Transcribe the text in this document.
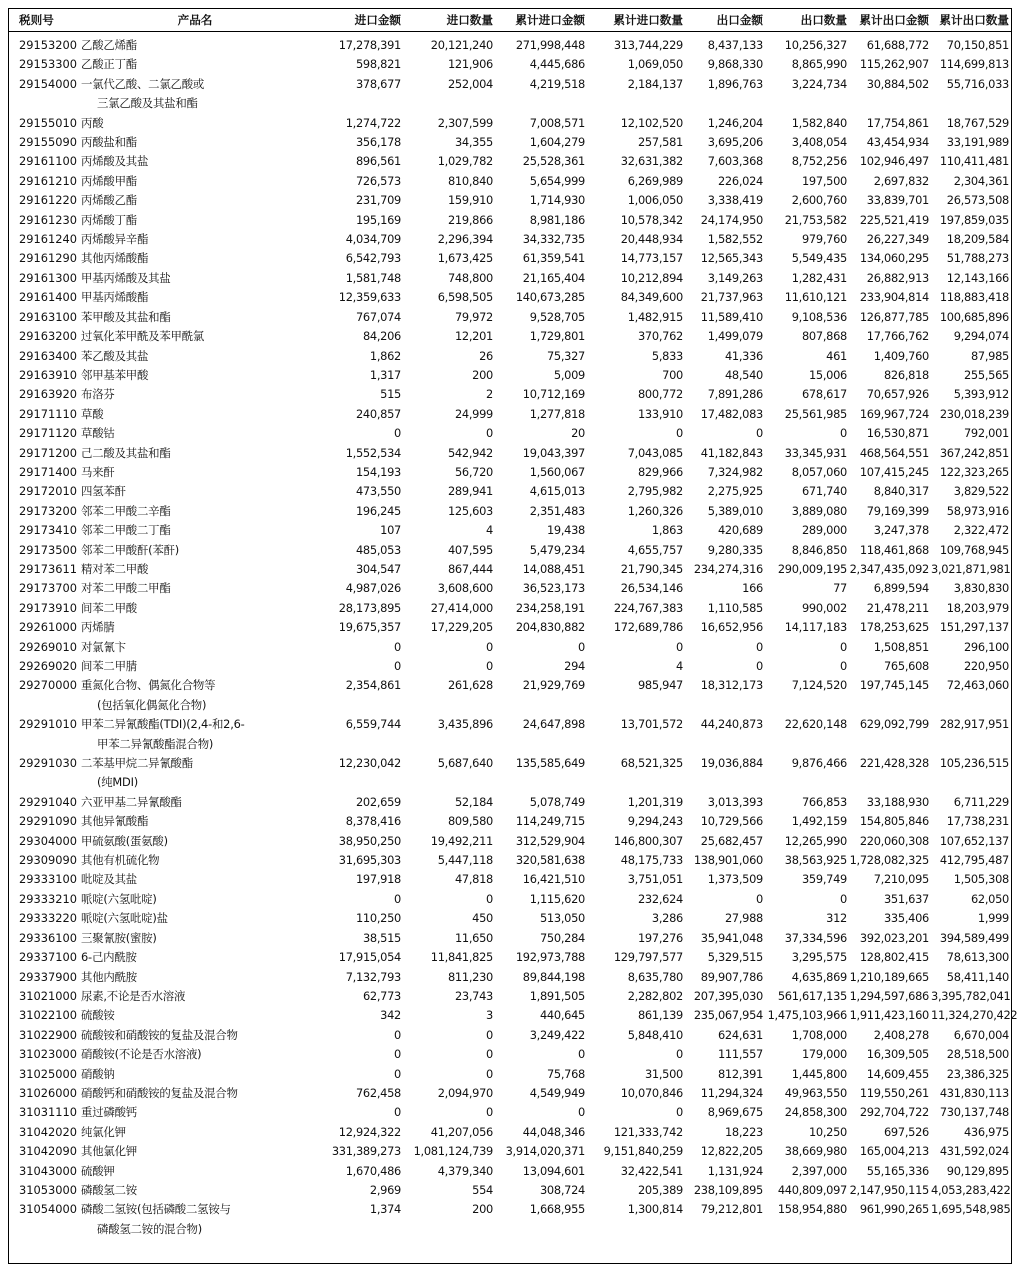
税则号	产品名	进口金额	进口数量	累计进口金额	累计进口数量	出口金额	出口数量	累计出口金额	累计出口数量
29153200	乙酸乙烯酯	17,278,391	20,121,240	271,998,448	313,744,229	8,437,133	10,256,327	61,688,772	70,150,851
29153300	乙酸正丁酯	598,821	121,906	4,445,686	1,069,050	9,868,330	8,865,990	115,262,907	114,699,813
29154000	一氯代乙酸、二氯乙酸或
三氯乙酸及其盐和酯	378,677	252,004	4,219,518	2,184,137	1,896,763	3,224,734	30,884,502	55,716,033
29155010	丙酸	1,274,722	2,307,599	7,008,571	12,102,520	1,246,204	1,582,840	17,754,861	18,767,529
29155090	丙酸盐和酯	356,178	34,355	1,604,279	257,581	3,695,206	3,408,054	43,454,934	33,191,989
29161100	丙烯酸及其盐	896,561	1,029,782	25,528,361	32,631,382	7,603,368	8,752,256	102,946,497	110,411,481
29161210	丙烯酸甲酯	726,573	810,840	5,654,999	6,269,989	226,024	197,500	2,697,832	2,304,361
29161220	丙烯酸乙酯	231,709	159,910	1,714,930	1,006,050	3,338,419	2,600,760	33,839,701	26,573,508
29161230	丙烯酸丁酯	195,169	219,866	8,981,186	10,578,342	24,174,950	21,753,582	225,521,419	197,859,035
29161240	丙烯酸异辛酯	4,034,709	2,296,394	34,332,735	20,448,934	1,582,552	979,760	26,227,349	18,209,584
29161290	其他丙烯酸酯	6,542,793	1,673,425	61,359,541	14,773,157	12,565,343	5,549,435	134,060,295	51,788,273
29161300	甲基丙烯酸及其盐	1,581,748	748,800	21,165,404	10,212,894	3,149,263	1,282,431	26,882,913	12,143,166
29161400	甲基丙烯酸酯	12,359,633	6,598,505	140,673,285	84,349,600	21,737,963	11,610,121	233,904,814	118,883,418
29163100	苯甲酸及其盐和酯	767,074	79,972	9,528,705	1,482,915	11,589,410	9,108,536	126,877,785	100,685,896
29163200	过氧化苯甲酰及苯甲酰氯	84,206	12,201	1,729,801	370,762	1,499,079	807,868	17,766,762	9,294,074
29163400	苯乙酸及其盐	1,862	26	75,327	5,833	41,336	461	1,409,760	87,985
29163910	邻甲基苯甲酸	1,317	200	5,009	700	48,540	15,006	826,818	255,565
29163920	布洛芬	515	2	10,712,169	800,772	7,891,286	678,617	70,657,926	5,393,912
29171110	草酸	240,857	24,999	1,277,818	133,910	17,482,083	25,561,985	169,967,724	230,018,239
29171120	草酸钴	0	0	20	0	0	0	16,530,871	792,001
29171200	己二酸及其盐和酯	1,552,534	542,942	19,043,397	7,043,085	41,182,843	33,345,931	468,564,551	367,242,851
29171400	马来酐	154,193	56,720	1,560,067	829,966	7,324,982	8,057,060	107,415,245	122,323,265
29172010	四氢苯酐	473,550	289,941	4,615,013	2,795,982	2,275,925	671,740	8,840,317	3,829,522
29173200	邻苯二甲酸二辛酯	196,245	125,603	2,351,483	1,260,326	5,389,010	3,889,080	79,169,399	58,973,916
29173410	邻苯二甲酸二丁酯	107	4	19,438	1,863	420,689	289,000	3,247,378	2,322,472
29173500	邻苯二甲酸酐(苯酐)	485,053	407,595	5,479,234	4,655,757	9,280,335	8,846,850	118,461,868	109,768,945
29173611	精对苯二甲酸	304,547	867,444	14,088,451	21,790,345	234,274,316	290,009,195	2,347,435,092	3,021,871,981
29173700	对苯二甲酸二甲酯	4,987,026	3,608,600	36,523,173	26,534,146	166	77	6,899,594	3,830,830
29173910	间苯二甲酸	28,173,895	27,414,000	234,258,191	224,767,383	1,110,585	990,002	21,478,211	18,203,979
29261000	丙烯腈	19,675,357	17,229,205	204,830,882	172,689,786	16,652,956	14,117,183	178,253,625	151,297,137
29269010	对氯氰卞	0	0	0	0	0	0	1,508,851	296,100
29269020	间苯二甲腈	0	0	294	4	0	0	765,608	220,950
29270000	重氮化合物、偶氮化合物等
(包括氧化偶氮化合物)	2,354,861	261,628	21,929,769	985,947	18,312,173	7,124,520	197,745,145	72,463,060
29291010	甲苯二异氰酸酯(TDI)(2,4-和2,6-
甲苯二异氰酸酯混合物)	6,559,744	3,435,896	24,647,898	13,701,572	44,240,873	22,620,148	629,092,799	282,917,951
29291030	二苯基甲烷二异氰酸酯
(纯MDI)	12,230,042	5,687,640	135,585,649	68,521,325	19,036,884	9,876,466	221,428,328	105,236,515
29291040	六亚甲基二异氰酸酯	202,659	52,184	5,078,749	1,201,319	3,013,393	766,853	33,188,930	6,711,229
29291090	其他异氰酸酯	8,378,416	809,580	114,249,715	9,294,243	10,729,566	1,492,159	154,805,846	17,738,231
29304000	甲硫氨酸(蛋氨酸)	38,950,250	19,492,211	312,529,904	146,800,307	25,682,457	12,265,990	220,060,308	107,652,137
29309090	其他有机硫化物	31,695,303	5,447,118	320,581,638	48,175,733	138,901,060	38,563,925	1,728,082,325	412,795,487
29333100	吡啶及其盐	197,918	47,818	16,421,510	3,751,051	1,373,509	359,749	7,210,095	1,505,308
29333210	哌啶(六氢吡啶)	0	0	1,115,620	232,624	0	0	351,637	62,050
29333220	哌啶(六氢吡啶)盐	110,250	450	513,050	3,286	27,988	312	335,406	1,999
29336100	三聚氰胺(蜜胺)	38,515	11,650	750,284	197,276	35,941,048	37,334,596	392,023,201	394,589,499
29337100	6-己内酰胺	17,915,054	11,841,825	192,973,788	129,797,577	5,329,515	3,295,575	128,802,415	78,613,300
29337900	其他内酰胺	7,132,793	811,230	89,844,198	8,635,780	89,907,786	4,635,869	1,210,189,665	58,411,140
31021000	尿素,不论是否水溶液	62,773	23,743	1,891,505	2,282,802	207,395,030	561,617,135	1,294,597,686	3,395,782,041
31022100	硫酸铵	342	3	440,645	861,139	235,067,954	1,475,103,966	1,911,423,160	11,324,270,422
31022900	硫酸铵和硝酸铵的复盐及混合物	0	0	3,249,422	5,848,410	624,631	1,708,000	2,408,278	6,670,004
31023000	硝酸铵(不论是否水溶液)	0	0	0	0	111,557	179,000	16,309,505	28,518,500
31025000	硝酸钠	0	0	75,768	31,500	812,391	1,445,800	14,609,455	23,386,325
31026000	硝酸钙和硝酸铵的复盐及混合物	762,458	2,094,970	4,549,949	10,070,846	11,294,324	49,963,550	119,550,261	431,830,113
31031110	重过磷酸钙	0	0	0	0	8,969,675	24,858,300	292,704,722	730,137,748
31042020	纯氯化钾	12,924,322	41,207,056	44,048,346	121,333,742	18,223	10,250	697,526	436,975
31042090	其他氯化钾	331,389,273	1,081,124,739	3,914,020,371	9,151,840,259	12,822,205	38,669,980	165,004,213	431,592,024
31043000	硫酸钾	1,670,486	4,379,340	13,094,601	32,422,541	1,131,924	2,397,000	55,165,336	90,129,895
31053000	磷酸氢二铵	2,969	554	308,724	205,389	238,109,895	440,809,097	2,147,950,115	4,053,283,422
31054000	磷酸二氢铵(包括磷酸二氢铵与
磷酸氢二铵的混合物)	1,374	200	1,668,955	1,300,814	79,212,801	158,954,880	961,990,265	1,695,548,985
